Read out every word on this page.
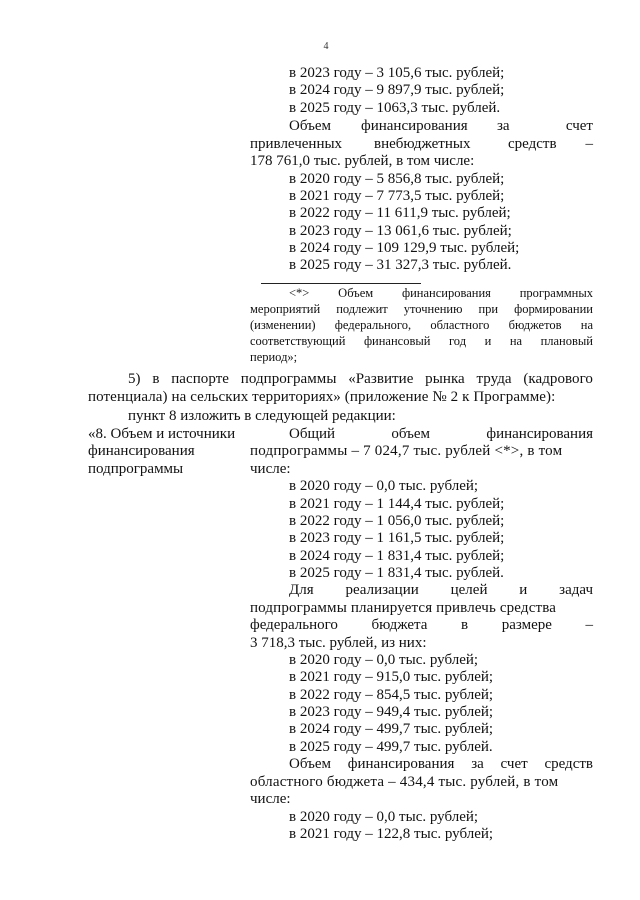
4
в 2023 году – 3 105,6 тыс. рублей;
в 2024 году – 9 897,9 тыс. рублей;
в 2025 году – 1063,3 тыс. рублей.
Объем финансирования за	счет
привлеченных внебюджетных	средств –
178 761,0 тыс. рублей, в том числе:
в 2020 году – 5 856,8 тыс. рублей;
в 2021 году – 7 773,5 тыс. рублей;
в 2022 году – 11 611,9 тыс. рублей;
в 2023 году – 13 061,6 тыс. рублей;
в 2024 году – 109 129,9 тыс. рублей;
в 2025 году – 31 327,3 тыс. рублей.
<*> Объем финансирования программных
мероприятий подлежит уточнению при формировании
(изменении) федерального, областного бюджетов на
соответствующий финансовый год и на плановый
период»;
5) в паспорте подпрограммы «Развитие рынка труда (кадрового
потенциала) на сельских территориях» (приложение № 2 к Программе):
пункт 8 изложить в следующей редакции:
«8. Объем и источники
финансирования
подпрограммы
Общий объем финансирования
подпрограммы – 7 024,7 тыс. рублей <*>, в том
числе:
в 2020 году – 0,0 тыс. рублей;
в 2021 году – 1 144,4 тыс. рублей;
в 2022 году – 1 056,0 тыс. рублей;
в 2023 году – 1 161,5 тыс. рублей;
в 2024 году – 1 831,4 тыс. рублей;
в 2025 году – 1 831,4 тыс. рублей.
Для реализации целей и задач
подпрограммы планируется привлечь средства
федерального бюджета в размере –
3 718,3 тыс. рублей, из них:
в 2020 году – 0,0 тыс. рублей;
в 2021 году – 915,0 тыс. рублей;
в 2022 году – 854,5 тыс. рублей;
в 2023 году – 949,4 тыс. рублей;
в 2024 году – 499,7 тыс. рублей;
в 2025 году – 499,7 тыс. рублей.
Объем финансирования за счет средств
областного бюджета – 434,4 тыс. рублей, в том
числе:
в 2020 году – 0,0 тыс. рублей;
в 2021 году – 122,8 тыс. рублей;
